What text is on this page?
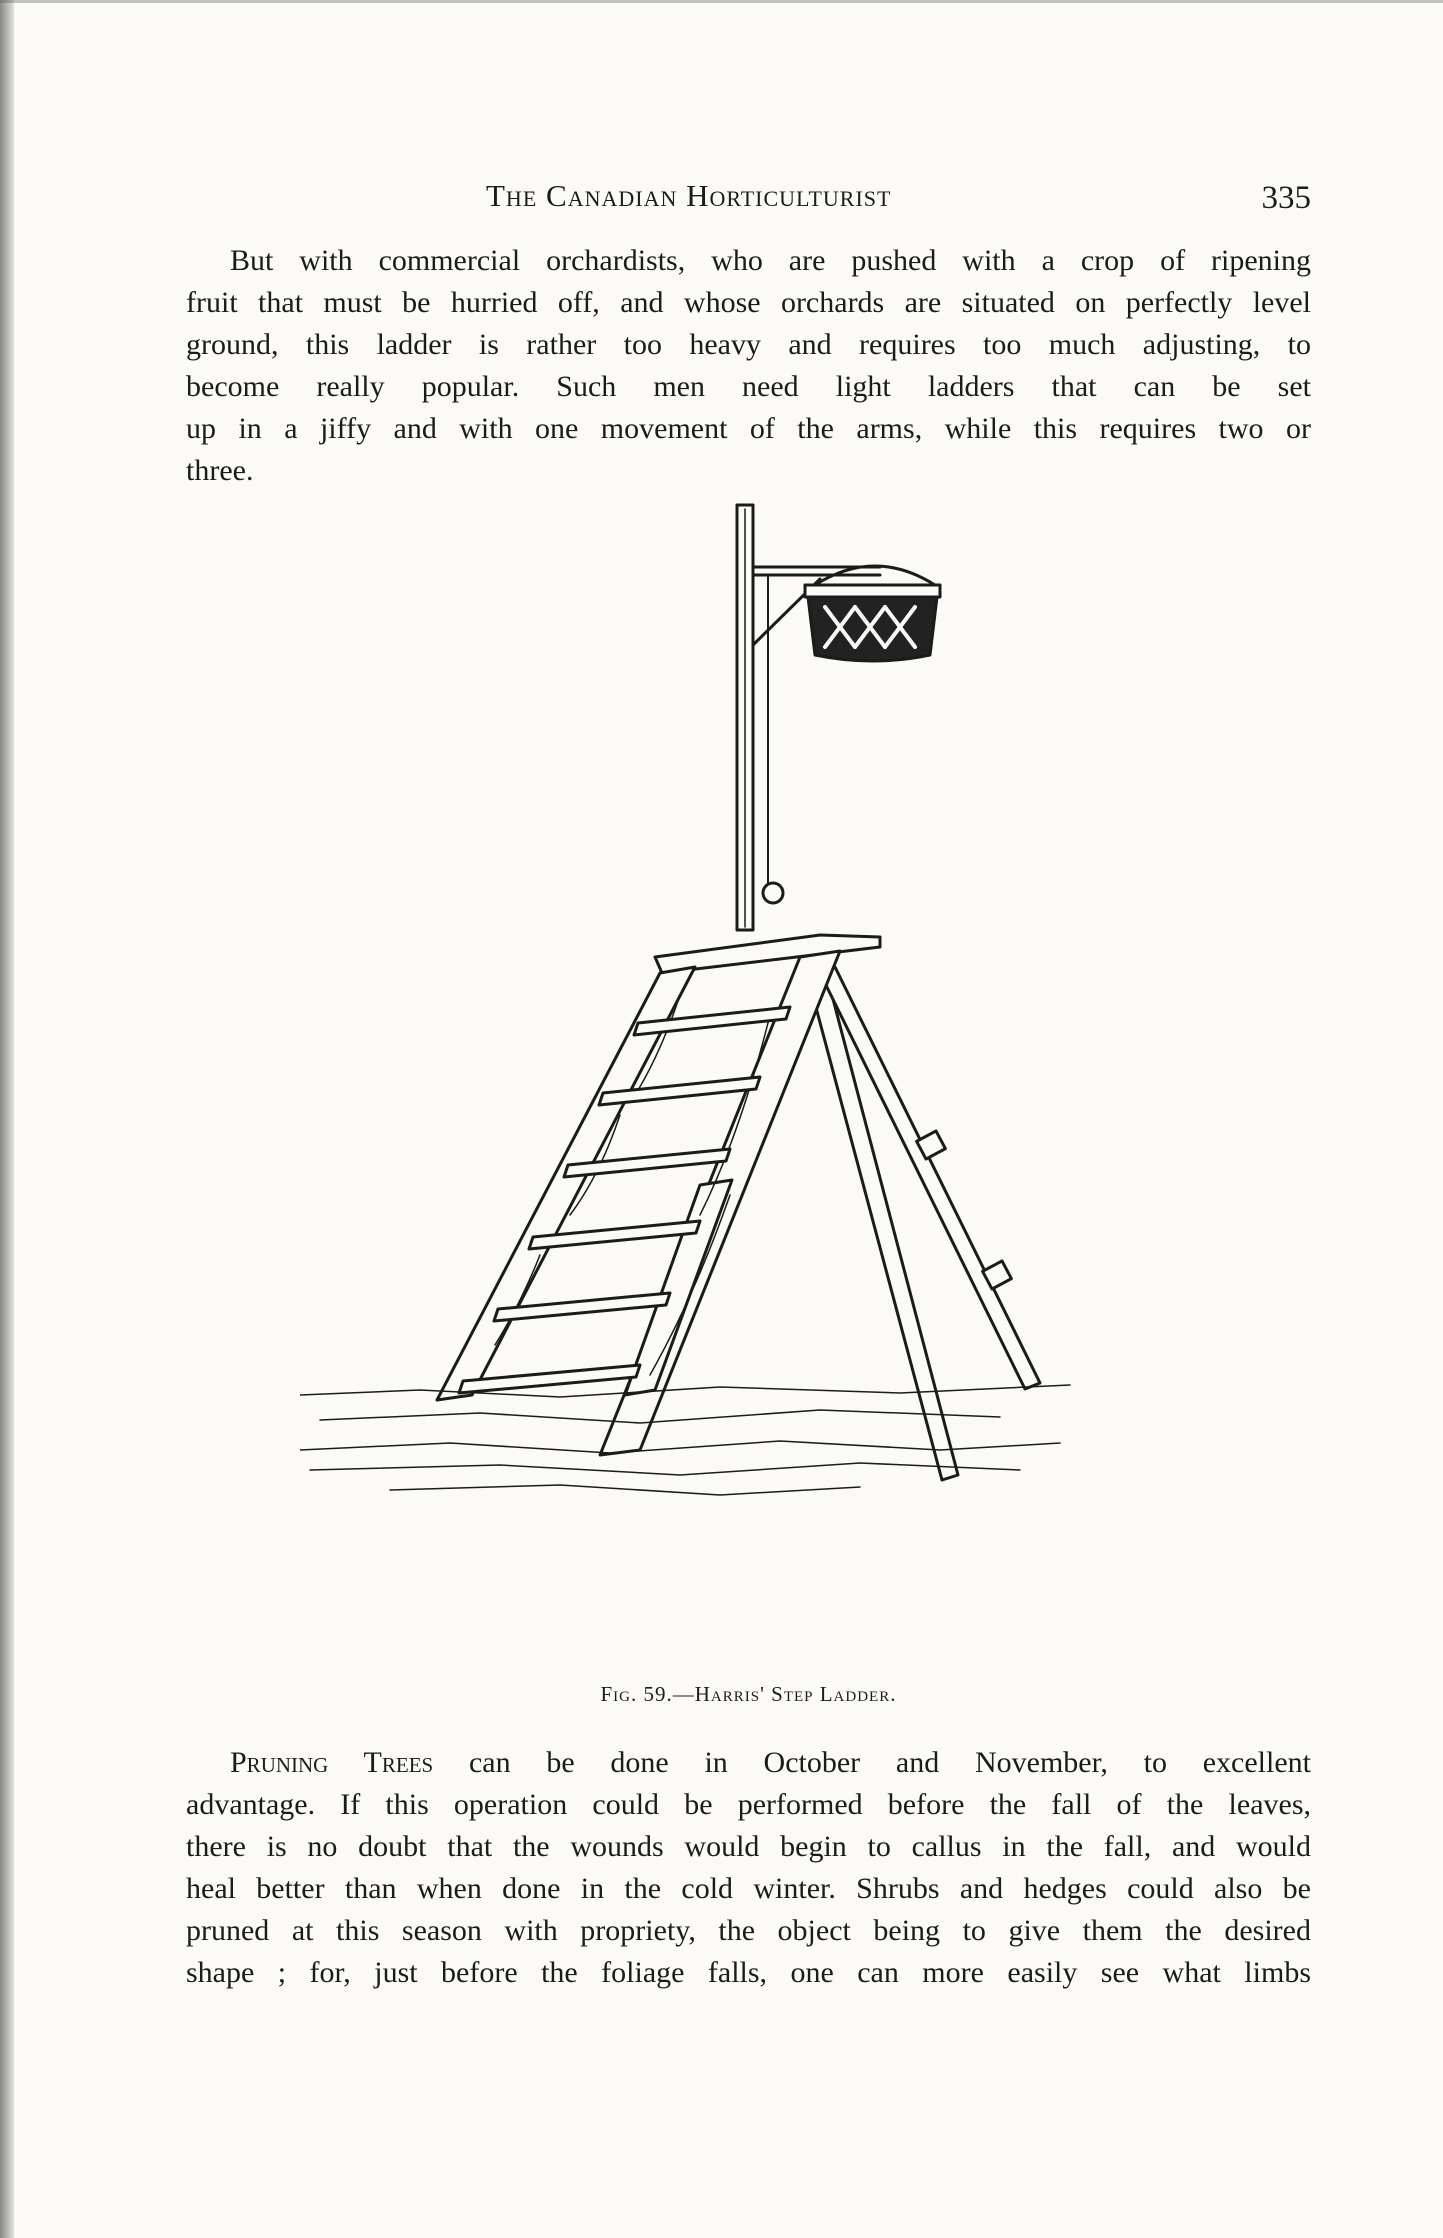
The Canadian Horticulturist	335
But with commercial orchardists, who are pushed with a crop of ripening
fruit that must be hurried off, and whose orchards are situated on perfectly level
ground, this ladder is rather too heavy and requires too much adjusting, to
become really popular. Such men need light ladders that can be set
up in a jiffy and with one movement of the arms, while this requires two or
three.
Fig. 59.—Harris' Step Ladder.
Pruning Trees can be done in October and November, to excellent
advantage. If this operation could be performed before the fall of the leaves,
there is no doubt that the wounds would begin to callus in the fall, and would
heal better than when done in the cold winter. Shrubs and hedges could also be
pruned at this season with propriety, the object being to give them the desired
shape ; for, just before the foliage falls, one can more easily see what limbs
